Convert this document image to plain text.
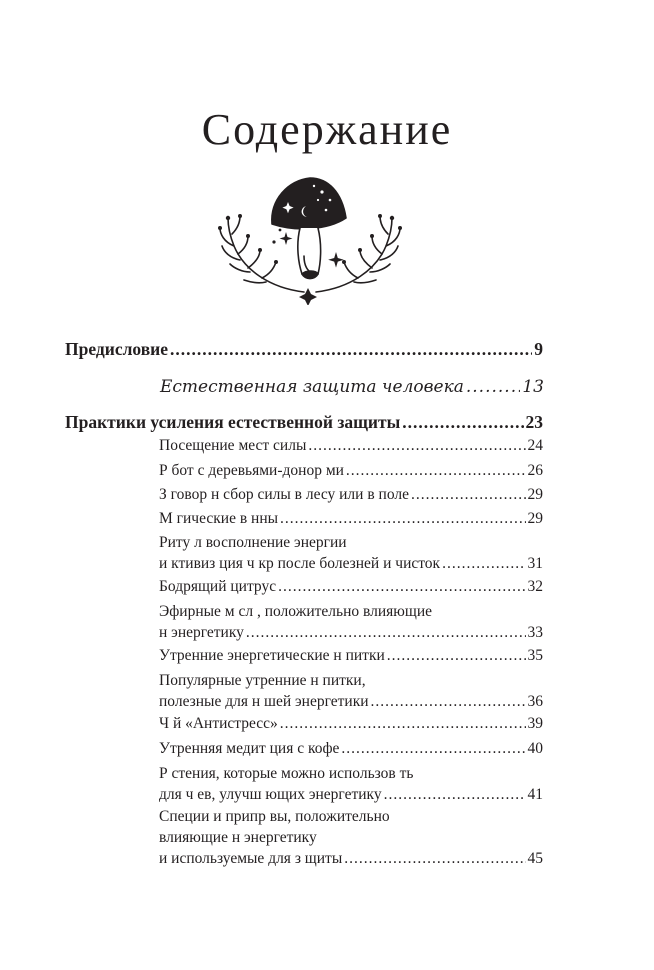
Содержание
Предисловие .....	9
Естественная защита человека .....	13
Практики усиления естественной защиты .....	23
Посещение мест силы .....	24
Р бот с деревьями-донор ми .....	26
З говор н сбор силы в лесу или в поле .....	29
М гические в нны .....	29
Риту л восполнение энергии
и ктивиз ция ч кр после болезней и чисток .....	31
Бодрящий цитрус .....	32
Эфирные м сл , положительно влияющие
н энергетику .....	33
Утренние энергетические н питки .....	35
Популярные утренние н питки,
полезные для н шей энергетики .....	36
Ч й «Антистресс» .....	39
Утренняя медит ция с кофе .....	40
Р стения, которые можно использов ть
для ч ев, улучш ющих энергетику .....	41
Специи и припр вы, положительно
влияющие н энергетику
и используемые для з щиты .....	45
